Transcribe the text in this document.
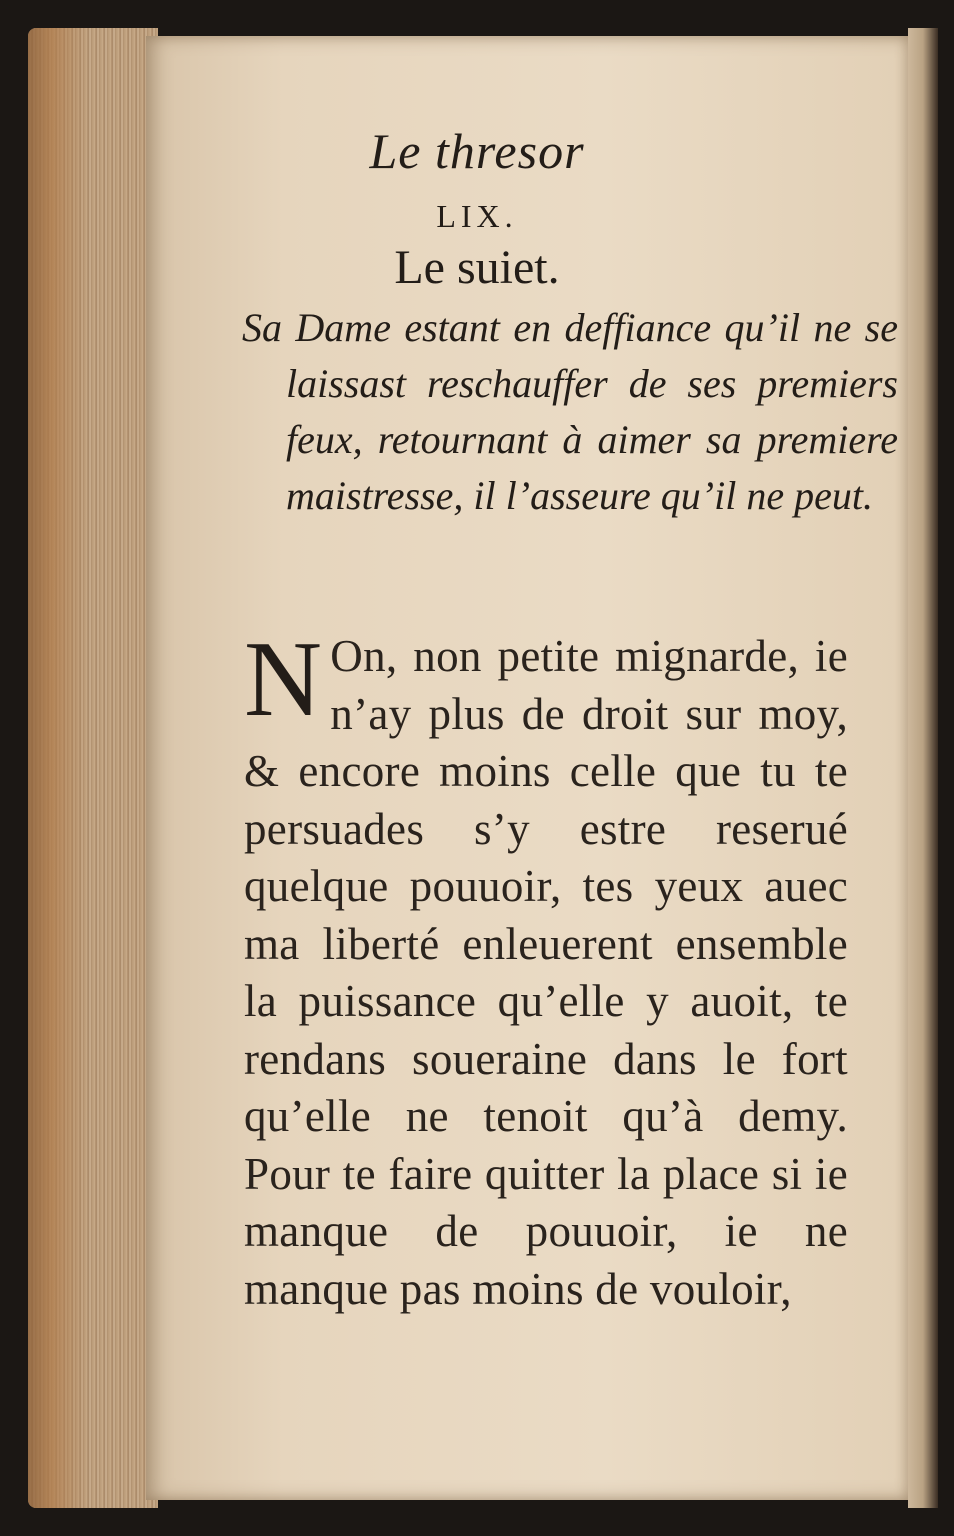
Le thresor
LIX.
Le suiet.

Sa Dame estant en deffiance qu’il ne se laissast reschauffer de ses premiers feux, retournant à aimer sa premiere maistresse, il l’asseure qu’il ne peut.

N On, non petite mignarde, ie n’ay plus de droit sur moy, & encore moins celle que tu te persuades s’y estre reserué quelque pouuoir, tes yeux auec ma liberté enleuerent ensemble la puissance qu’elle y auoit, te rendans soueraine dans le fort qu’elle ne tenoit qu’à demy. Pour te faire quitter la place si ie manque de pouuoir, ie ne manque pas moins de vouloir,
